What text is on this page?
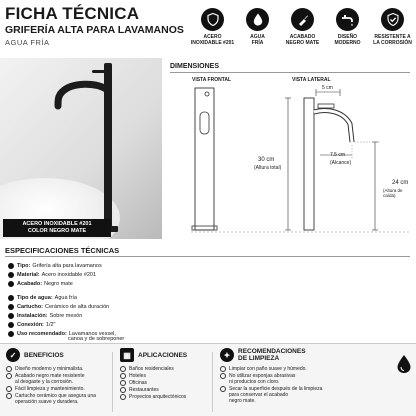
FICHA TÉCNICA
GRIFERÍA ALTA PARA LAVAMANOS
AGUA FRÍA
ACERO
INOXIDABLE #201
AGUA
FRÍA
ACABADO
NEGRO MATE
DISEÑO
MODERNO
RESISTENTE A
LA CORROSIÓN
ACERO INOXIDABLE #201
COLOR NEGRO MATE
DIMENSIONES
VISTA FRONTAL	VISTA LATERAL
5 cm
7.5 cm
(Alcance)
30 cm
(Altura total)
24 cm
(Altura de caída)
ESPECIFICACIONES TÉCNICAS
Tipo: Grifería alta para lavamanos
Material: Acero inoxidable #201
Acabado: Negro mate
Tipo de agua: Agua fría
Cartucho: Cerámico de alta duración
Instalación: Sobre mesón
Conexión: 1/2"
Uso recomendado: Lavamanos vessel,
canoa y de sobreponer
✓	BENEFICIOS
Diseño moderno y minimalista.
Acabado negro mate resistente
al desgaste y la corrosión.
Fácil limpieza y mantenimiento.
Cartucho cerámico que asegura una
operación suave y duradera.
▦	APLICACIONES
Baños residenciales
Hoteles
Oficinas
Restaurantes
Proyectos arquitectónicos
✦	RECOMENDACIONES
DE LIMPIEZA
Limpiar con paño suave y húmedo.
No utilizar esponjas abrasivas
ni productos con cloro.
Secar la superficie después de la limpieza
para conservar el acabado
negro mate.
